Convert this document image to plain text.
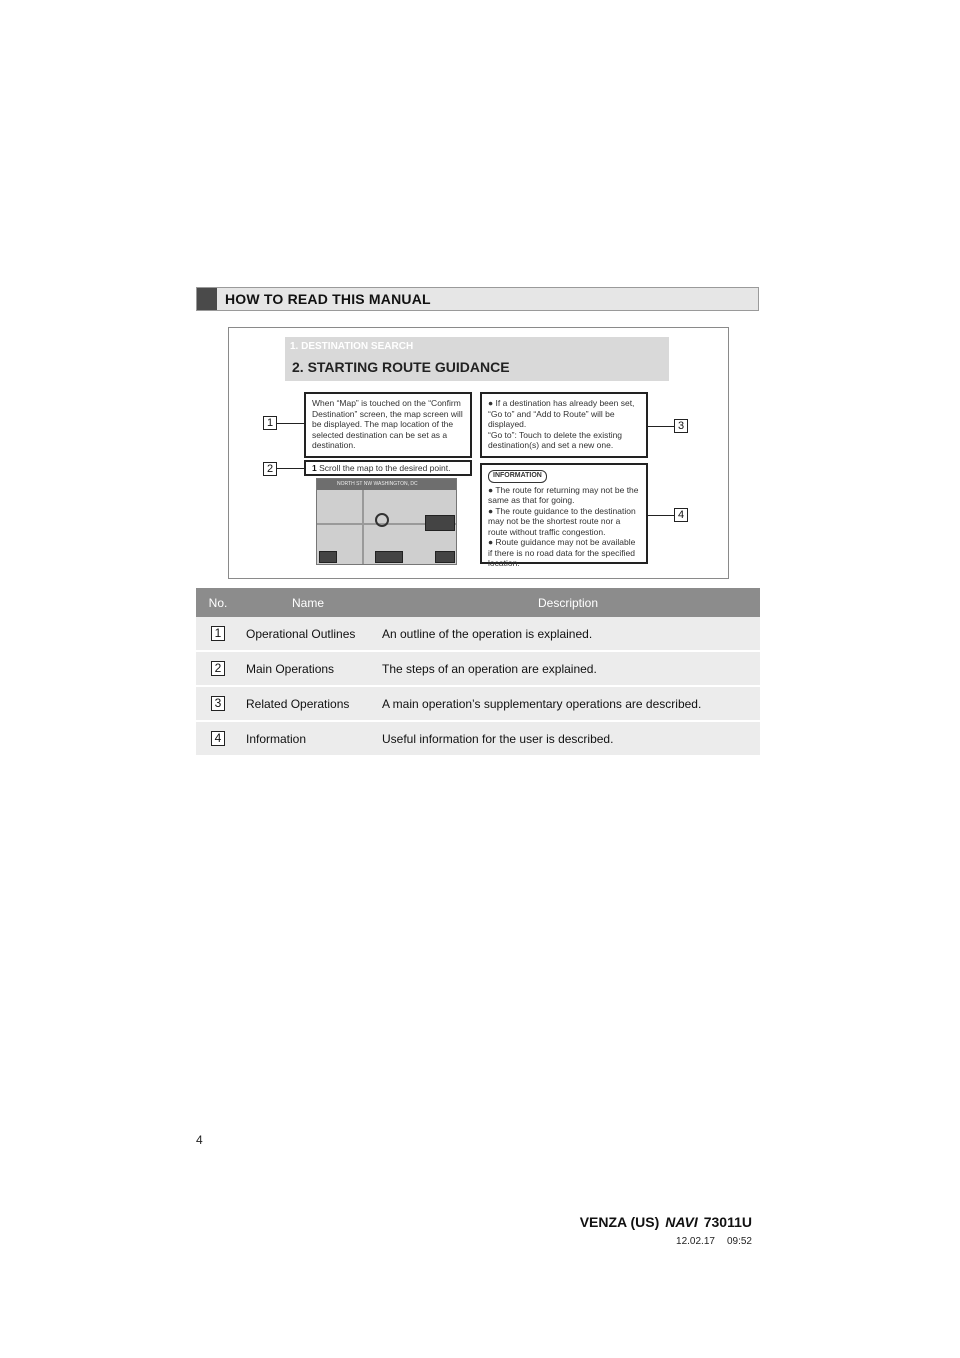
HOW TO READ THIS MANUAL
1. DESTINATION SEARCH
2. STARTING ROUTE GUIDANCE
When “Map” is touched on the “Confirm Destination” screen, the map screen will be displayed. The map location of the selected destination can be set as a destination.
1 Scroll the map to the desired point.
NORTH ST NW WASHINGTON, DC
● If a destination has already been set, “Go to” and “Add to Route” will be displayed.
“Go to”: Touch to delete the existing destination(s) and set a new one.
INFORMATION
● The route for returning may not be the same as that for going.
● The route guidance to the destination may not be the shortest route nor a route without traffic congestion.
● Route guidance may not be available if there is no road data for the specified location.
1
2
3
4
No.	Name	Description
1	Operational Outlines	An outline of the operation is explained.
2	Main Operations	The steps of an operation are explained.
3	Related Operations	A main operation’s supplementary operations are described.
4	Information	Useful information for the user is described.
4
VENZA (US) NAVI 73011U
12.02.17 09:52
